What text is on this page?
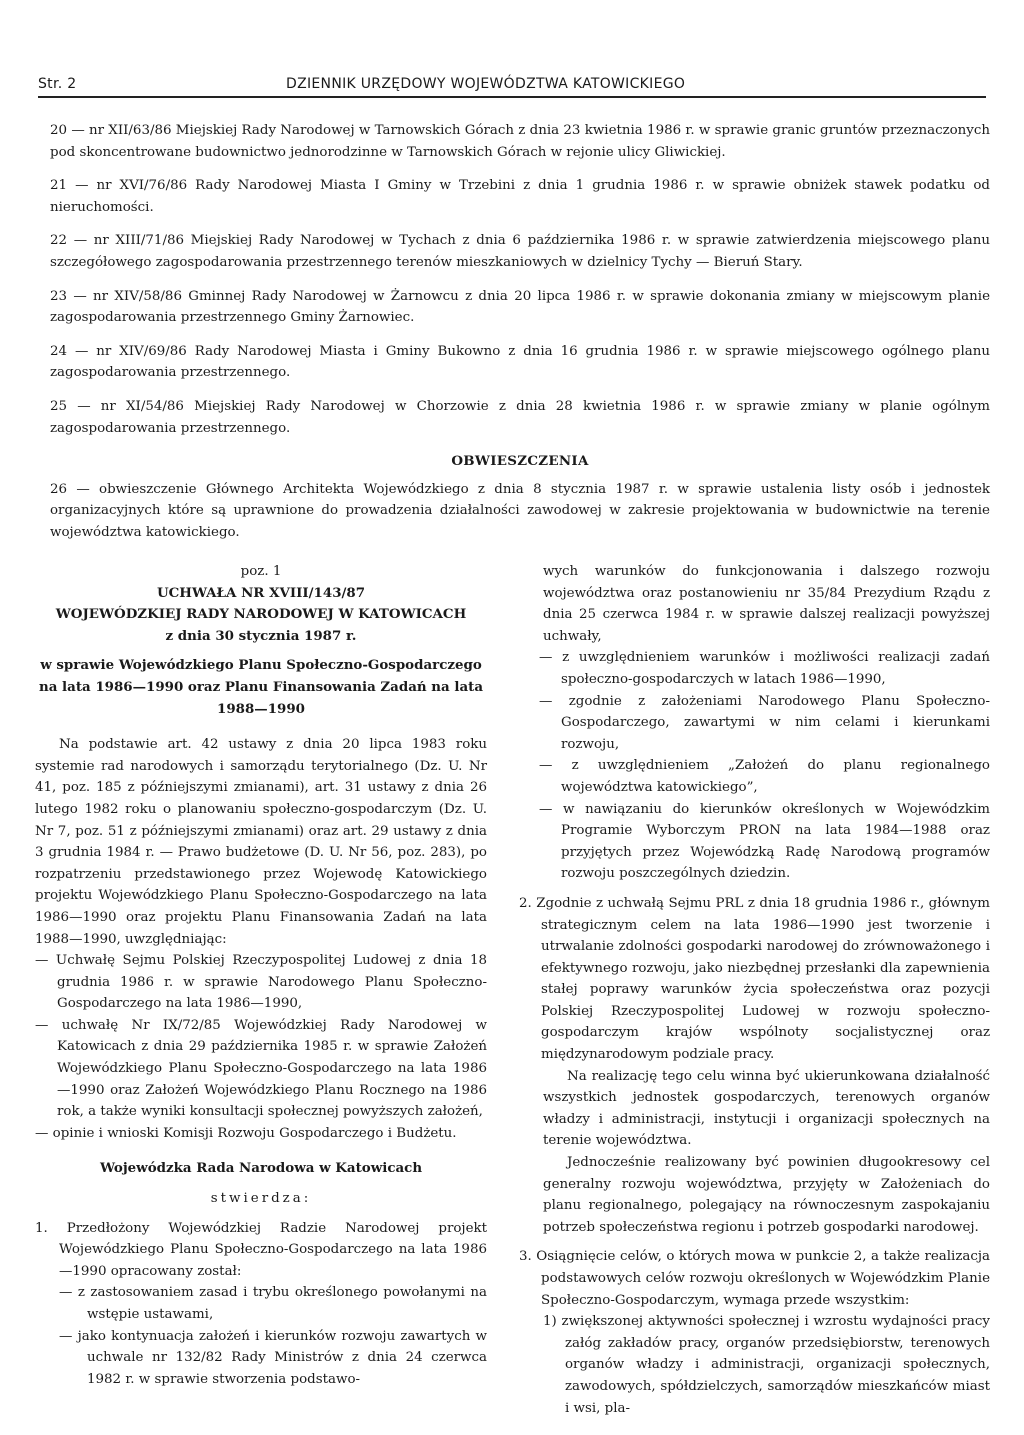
Str. 2	DZIENNIK URZĘDOWY WOJEWÓDZTWA KATOWICKIEGO
20 — nr XII/63/86 Miejskiej Rady Narodowej w Tarnowskich Górach z dnia 23 kwietnia 1986 r. w sprawie granic gruntów przeznaczonych pod skoncentrowane budownictwo jednorodzinne w Tarnowskich Górach w rejonie ulicy Gliwickiej.
21 — nr XVI/76/86 Rady Narodowej Miasta I Gminy w Trzebini z dnia 1 grudnia 1986 r. w sprawie obniżek stawek podatku od nieruchomości.
22 — nr XIII/71/86 Miejskiej Rady Narodowej w Tychach z dnia 6 października 1986 r. w sprawie zatwierdzenia miejscowego planu szczegółowego zagospodarowania przestrzennego terenów mieszkaniowych w dzielnicy Tychy — Bieruń Stary.
23 — nr XIV/58/86 Gminnej Rady Narodowej w Żarnowcu z dnia 20 lipca 1986 r. w sprawie dokonania zmiany w miejscowym planie zagospodarowania przestrzennego Gminy Żarnowiec.
24 — nr XIV/69/86 Rady Narodowej Miasta i Gminy Bukowno z dnia 16 grudnia 1986 r. w sprawie miejscowego ogólnego planu zagospodarowania przestrzennego.
25 — nr XI/54/86 Miejskiej Rady Narodowej w Chorzowie z dnia 28 kwietnia 1986 r. w sprawie zmiany w planie ogólnym zagospodarowania przestrzennego.
OBWIESZCZENIA
26 — obwieszczenie Głównego Architekta Wojewódzkiego z dnia 8 stycznia 1987 r. w sprawie ustalenia listy osób i jednostek organizacyjnych które są uprawnione do prowadzenia działalności zawodowej w zakresie projektowania w budownictwie na terenie województwa katowickiego.
poz. 1
UCHWAŁA NR XVIII/143/87
WOJEWÓDZKIEJ RADY NARODOWEJ W KATOWICACH
z dnia 30 stycznia 1987 r.
w sprawie Wojewódzkiego Planu Społeczno-Gospodarczego na lata 1986—1990 oraz Planu Finansowania Zadań na lata 1988—1990

Na podstawie art. 42 ustawy z dnia 20 lipca 1983 roku systemie rad narodowych i samorządu terytorialnego (Dz. U. Nr 41, poz. 185 z późniejszymi zmianami), art. 31 ustawy z dnia 26 lutego 1982 roku o planowaniu społeczno-gospodarczym (Dz. U. Nr 7, poz. 51 z późniejszymi zmianami) oraz art. 29 ustawy z dnia 3 grudnia 1984 r. — Prawo budżetowe (D. U. Nr 56, poz. 283), po rozpatrzeniu przedstawionego przez Wojewodę Katowickiego projektu Wojewódzkiego Planu Społeczno-Gospodarczego na lata 1986—1990 oraz projektu Planu Finansowania Zadań na lata 1988—1990, uwzględniając:

— Uchwałę Sejmu Polskiej Rzeczypospolitej Ludowej z dnia 18 grudnia 1986 r. w sprawie Narodowego Planu Społeczno-Gospodarczego na lata 1986—1990,

— uchwałę Nr IX/72/85 Wojewódzkiej Rady Narodowej w Katowicach z dnia 29 października 1985 r. w sprawie Założeń Wojewódzkiego Planu Społeczno-Gospodarczego na lata 1986—1990 oraz Założeń Wojewódzkiego Planu Rocznego na 1986 rok, a także wyniki konsultacji społecznej powyższych założeń,

— opinie i wnioski Komisji Rozwoju Gospodarczego i Budżetu.

Wojewódzka Rada Narodowa w Katowicach
stwierdza:

1. Przedłożony Wojewódzkiej Radzie Narodowej projekt Wojewódzkiego Planu Społeczno-Gospodarczego na lata 1986—1990 opracowany został:

— z zastosowaniem zasad i trybu określonego powołanymi na wstępie ustawami,

— jako kontynuacja założeń i kierunków rozwoju zawartych w uchwale nr 132/82 Rady Ministrów z dnia 24 czerwca 1982 r. w sprawie stworzenia podstawo-

wych warunków do funkcjonowania i dalszego rozwoju województwa oraz postanowieniu nr 35/84 Prezydium Rządu z dnia 25 czerwca 1984 r. w sprawie dalszej realizacji powyższej uchwały,

— z uwzględnieniem warunków i możliwości realizacji zadań społeczno-gospodarczych w latach 1986—1990,

— zgodnie z założeniami Narodowego Planu Społeczno-Gospodarczego, zawartymi w nim celami i kierunkami rozwoju,

— z uwzględnieniem „Założeń do planu regionalnego województwa katowickiego”,

— w nawiązaniu do kierunków określonych w Wojewódzkim Programie Wyborczym PRON na lata 1984—1988 oraz przyjętych przez Wojewódzką Radę Narodową programów rozwoju poszczególnych dziedzin.

2. Zgodnie z uchwałą Sejmu PRL z dnia 18 grudnia 1986 r., głównym strategicznym celem na lata 1986—1990 jest tworzenie i utrwalanie zdolności gospodarki narodowej do zrównoważonego i efektywnego rozwoju, jako niezbędnej przesłanki dla zapewnienia stałej poprawy warunków życia społeczeństwa oraz pozycji Polskiej Rzeczypospolitej Ludowej w rozwoju społeczno-gospodarczym krajów wspólnoty socjalistycznej oraz międzynarodowym podziale pracy.

Na realizację tego celu winna być ukierunkowana działalność wszystkich jednostek gospodarczych, terenowych organów władzy i administracji, instytucji i organizacji społecznych na terenie województwa.

Jednocześnie realizowany być powinien długookresowy cel generalny rozwoju województwa, przyjęty w Założeniach do planu regionalnego, polegający na równoczesnym zaspokajaniu potrzeb społeczeństwa regionu i potrzeb gospodarki narodowej.

3. Osiągnięcie celów, o których mowa w punkcie 2, a także realizacja podstawowych celów rozwoju określonych w Wojewódzkim Planie Społeczno-Gospodarczym, wymaga przede wszystkim:

1) zwiększonej aktywności społecznej i wzrostu wydajności pracy załóg zakładów pracy, organów przedsiębiorstw, terenowych organów władzy i administracji, organizacji społecznych, zawodowych, spółdzielczych, samorządów mieszkańców miast i wsi, pla-
